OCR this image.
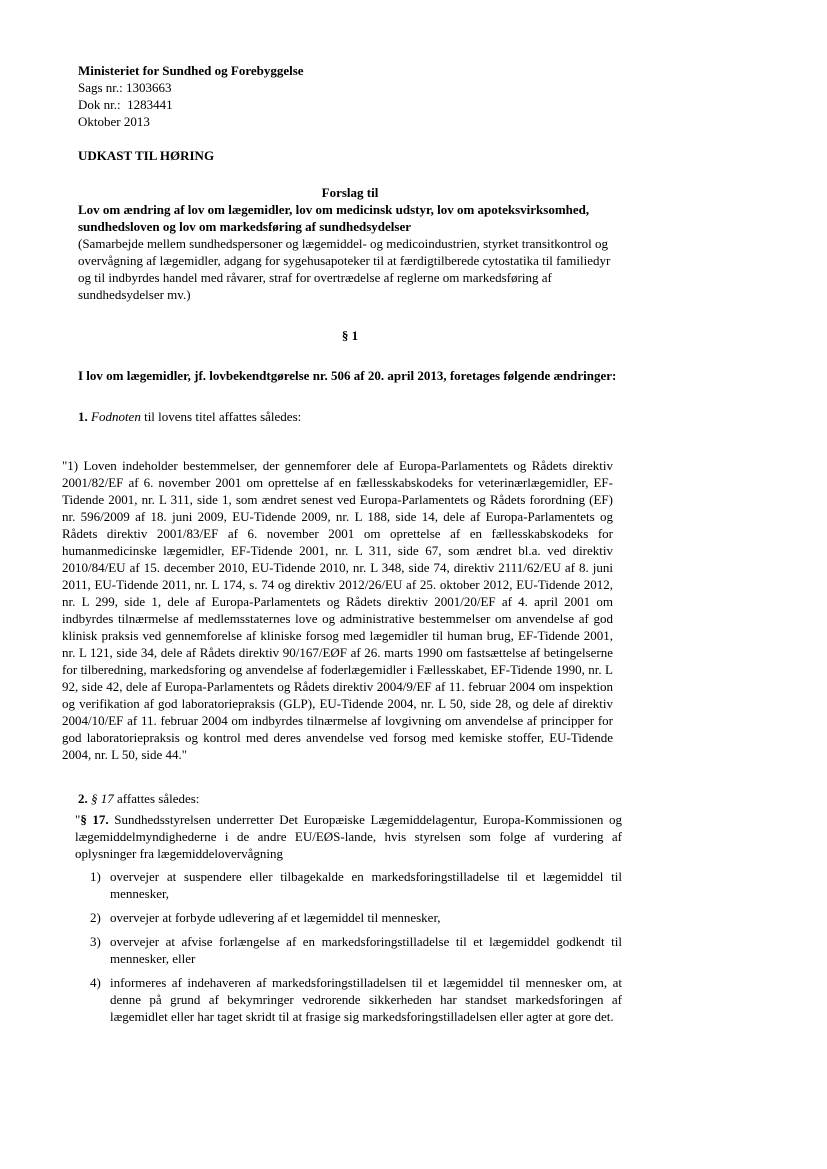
Ministeriet for Sundhed og Forebyggelse
Sags nr.: 1303663
Dok nr.:  1283441
Oktober 2013
UDKAST TIL HØRING
Forslag til
Lov om ændring af lov om lægemidler, lov om medicinsk udstyr, lov om apoteksvirksomhed, sundhedsloven og lov om markedsføring af sundhedsydelser
(Samarbejde mellem sundhedspersoner og lægemiddel- og medicoindustrien, styrket transitkontrol og overvågning af lægemidler, adgang for sygehusapoteker til at færdigtilberede cytostatika til familiedyr og til indbyrdes handel med råvarer, straf for overtrædelse af reglerne om markedsføring af sundhedsydelser mv.)
§ 1
I lov om lægemidler, jf. lovbekendtgørelse nr. 506 af 20. april 2013, foretages følgende ændringer:
1. Fodnoten til lovens titel affattes således:
"1) Loven indeholder bestemmelser, der gennemforer dele af Europa-Parlamentets og Rådets direktiv 2001/82/EF af 6. november 2001 om oprettelse af en fællesskabskodeks for veterinærlægemidler, EF-Tidende 2001, nr. L 311, side 1, som ændret senest ved Europa-Parlamentets og Rådets forordning (EF) nr. 596/2009 af 18. juni 2009, EU-Tidende 2009, nr. L 188, side 14, dele af Europa-Parlamentets og Rådets direktiv 2001/83/EF af 6. november 2001 om oprettelse af en fællesskabskodeks for humanmedicinske lægemidler, EF-Tidende 2001, nr. L 311, side 67, som ændret bl.a. ved direktiv 2010/84/EU af 15. december 2010, EU-Tidende 2010, nr. L 348, side 74, direktiv 2111/62/EU af 8. juni 2011, EU-Tidende 2011, nr. L 174, s. 74 og direktiv 2012/26/EU af 25. oktober 2012, EU-Tidende 2012, nr. L 299, side 1, dele af Europa-Parlamentets og Rådets direktiv 2001/20/EF af 4. april 2001 om indbyrdes tilnærmelse af medlemsstaternes love og administrative bestemmelser om anvendelse af god klinisk praksis ved gennemforelse af kliniske forsog med lægemidler til human brug, EF-Tidende 2001, nr. L 121, side 34, dele af Rådets direktiv 90/167/EØF af 26. marts 1990 om fastsættelse af betingelserne for tilberedning, markedsforing og anvendelse af foderlægemidler i Fællesskabet, EF-Tidende 1990, nr. L 92, side 42, dele af Europa-Parlamentets og Rådets direktiv 2004/9/EF af 11. februar 2004 om inspektion og verifikation af god laboratoriepraksis (GLP), EU-Tidende 2004, nr. L 50, side 28, og dele af direktiv 2004/10/EF af 11. februar 2004 om indbyrdes tilnærmelse af lovgivning om anvendelse af principper for god laboratoriepraksis og kontrol med deres anvendelse ved forsog med kemiske stoffer, EU-Tidende 2004, nr. L 50, side 44."
2. § 17 affattes således:
"§ 17. Sundhedsstyrelsen underretter Det Europæiske Lægemiddelagentur, Europa-Kommissionen og lægemiddelmyndighederne i de andre EU/EØS-lande, hvis styrelsen som folge af vurdering af oplysninger fra lægemiddelovervågning
1) overvejer at suspendere eller tilbagekalde en markedsforingstilladelse til et lægemiddel til mennesker,
2) overvejer at forbyde udlevering af et lægemiddel til mennesker,
3) overvejer at afvise forlængelse af en markedsforingstilladelse til et lægemiddel godkendt til mennesker, eller
4) informeres af indehaveren af markedsforingstilladelsen til et lægemiddel til mennesker om, at denne på grund af bekymringer vedrorende sikkerheden har standset markedsforingen af lægemidlet eller har taget skridt til at frasige sig markedsforingstilladelsen eller agter at gore det.
